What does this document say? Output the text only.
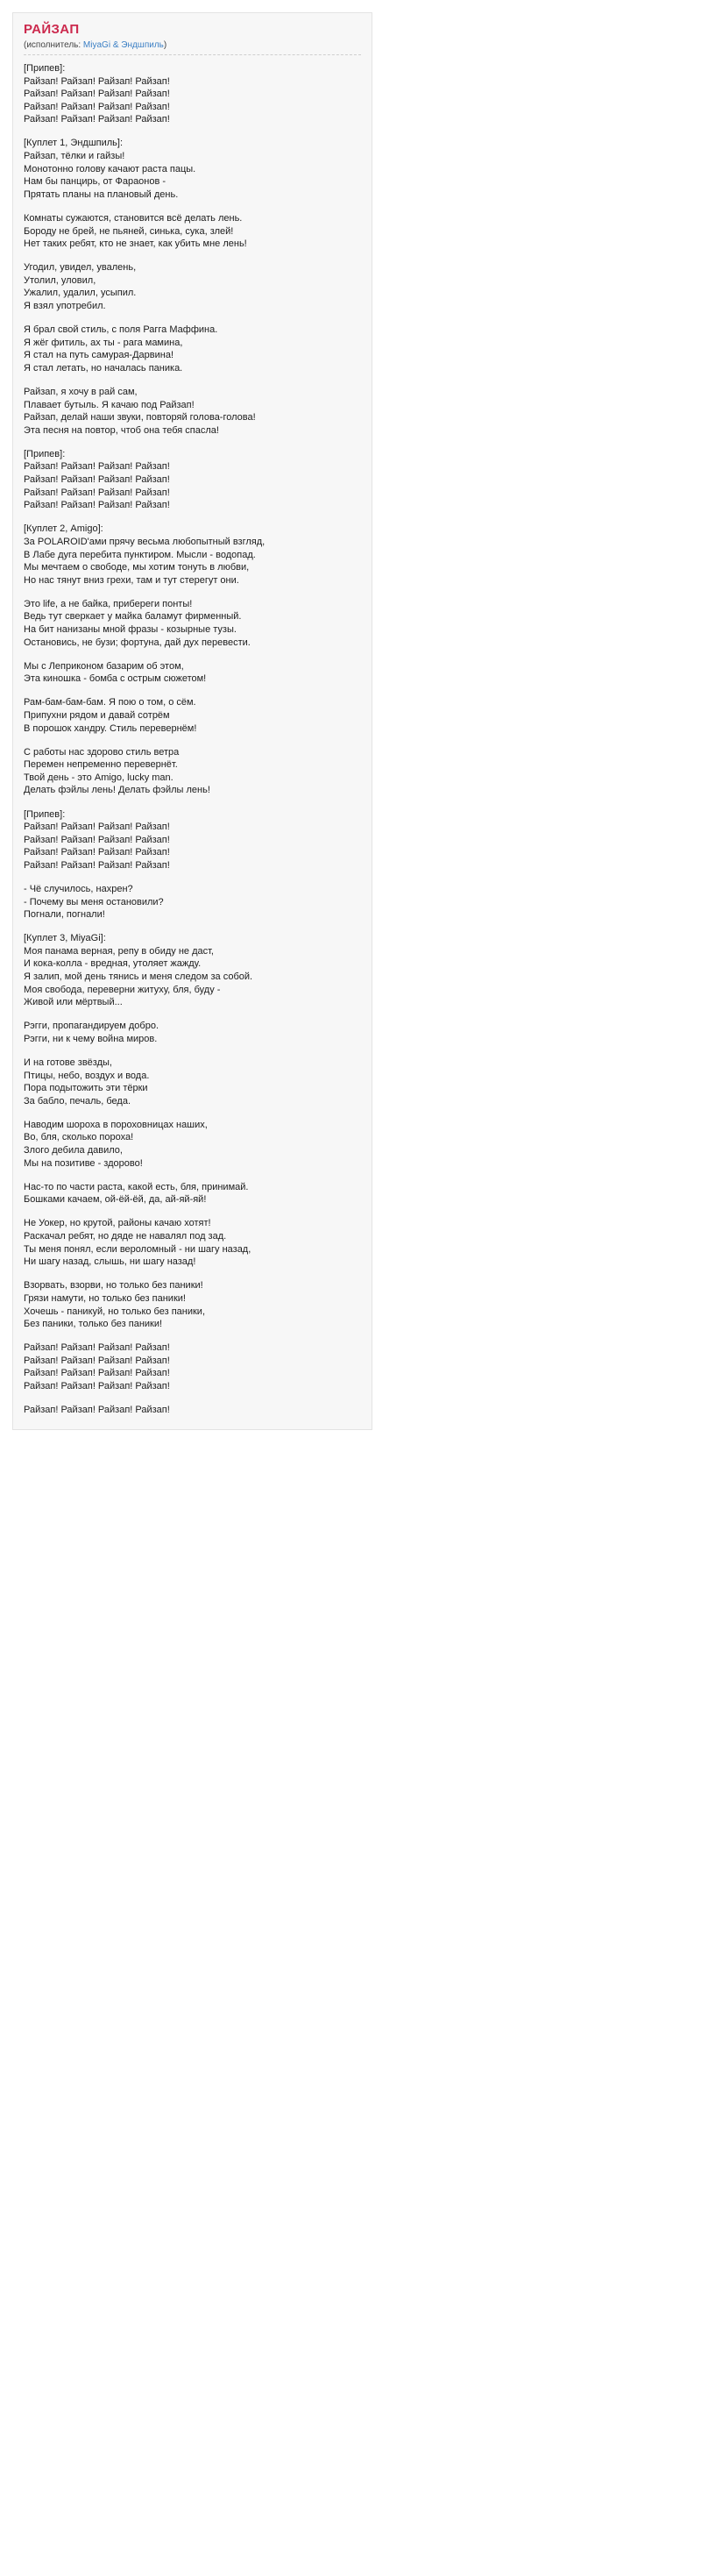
РАЙЗАП
(исполнитель: MiyaGi & Эндшпиль)
[Припев]:
Райзап! Райзап! Райзап! Райзап!
Райзап! Райзап! Райзап! Райзап!
Райзап! Райзап! Райзап! Райзап!
Райзап! Райзап! Райзап! Райзап!
[Куплет 1, Эндшпиль]:
Райзап, тёлки и гайзы!
Монотонно голову качают раста пацы.
Нам бы панцирь, от Фараонов -
Прятать планы на плановый день.
Комнаты сужаются, становится всё делать лень.
Бороду не брей, не пьяней, синька, сука, злей!
Нет таких ребят, кто не знает, как убить мне лень!
Угодил, увидел, увалень,
Утолил, уловил,
Ужалил, удалил, усыпил.
Я взял употребил.
Я брал свой стиль, с поля Рагга Маффина.
Я жёг фитиль, ах ты - рага мамина,
Я стал на путь самурая-Дарвина!
Я стал летать, но началась паника.
Райзап, я хочу в рай сам,
Плавает бутыль. Я качаю под Райзап!
Райзап, делай наши звуки, повторяй голова-голова!
Эта песня на повтор, чтоб она тебя спасла!
[Припев]:
Райзап! Райзап! Райзап! Райзап!
Райзап! Райзап! Райзап! Райзап!
Райзап! Райзап! Райзап! Райзап!
Райзап! Райзап! Райзап! Райзап!
[Куплет 2, Amigo]:
За POLAROID'ами прячу весьма любопытный взгляд,
В Лабе дуга перебита пунктиром. Мысли - водопад.
Мы мечтаем о свободе, мы хотим тонуть в любви,
Но нас тянут вниз грехи, там и тут стерегут они.
Это life, а не байка, прибереги понты!
Ведь тут сверкает у майка баламут фирменный.
На бит нанизаны мной фразы - козырные тузы.
Остановись, не бузи; фортуна, дай дух перевести.
Мы с Леприконом базарим об этом,
Эта киношка - бомба с острым сюжетом!
Рам-бам-бам-бам. Я пою о том, о сём.
Припухни рядом и давай сотрём
В порошок хандру. Стиль перевернём!
С работы нас здорово стиль ветра
Перемен непременно перевернёт.
Твой день - это Amigo, lucky man.
Делать фэйлы лень! Делать фэйлы лень!
[Припев]:
Райзап! Райзап! Райзап! Райзап!
Райзап! Райзап! Райзап! Райзап!
Райзап! Райзап! Райзап! Райзап!
Райзап! Райзап! Райзап! Райзап!
- Чё случилось, нахрен?
- Почему вы меня остановили?
Погнали, погнали!
[Куплет 3, MiyaGi]:
Моя панама верная, репу в обиду не даст,
И кока-колла - вредная, утоляет жажду.
Я залип, мой день тянись и меня следом за собой.
Моя свобода, переверни житуху, бля, буду -
Живой или мёртвый...
Рэгги, пропагандируем добро.
Рэгги, ни к чему война миров.
И на готове звёзды,
Птицы, небо, воздух и вода.
Пора подытожить эти тёрки
За бабло, печаль, беда.
Наводим шороха в пороховницах наших,
Во, бля, сколько пороха!
Злого дебила давило,
Мы на позитиве - здорово!
Нас-то по части раста, какой есть, бля, принимай.
Бошками качаем, ой-ёй-ёй, да, ай-яй-яй!
Не Уокер, но крутой, районы качаю хотят!
Раскачал ребят, но дяде не навалял под зад.
Ты меня понял, если вероломный - ни шагу назад,
Ни шагу назад, слышь, ни шагу назад!
Взорвать, взорви, но только без паники!
Грязи намути, но только без паники!
Хочешь - паникуй, но только без паники,
Без паники, только без паники!
Райзап! Райзап! Райзап! Райзап!
Райзап! Райзап! Райзап! Райзап!
Райзап! Райзап! Райзап! Райзап!
Райзап! Райзап! Райзап! Райзап!
Райзап! Райзап! Райзап! Райзап!
